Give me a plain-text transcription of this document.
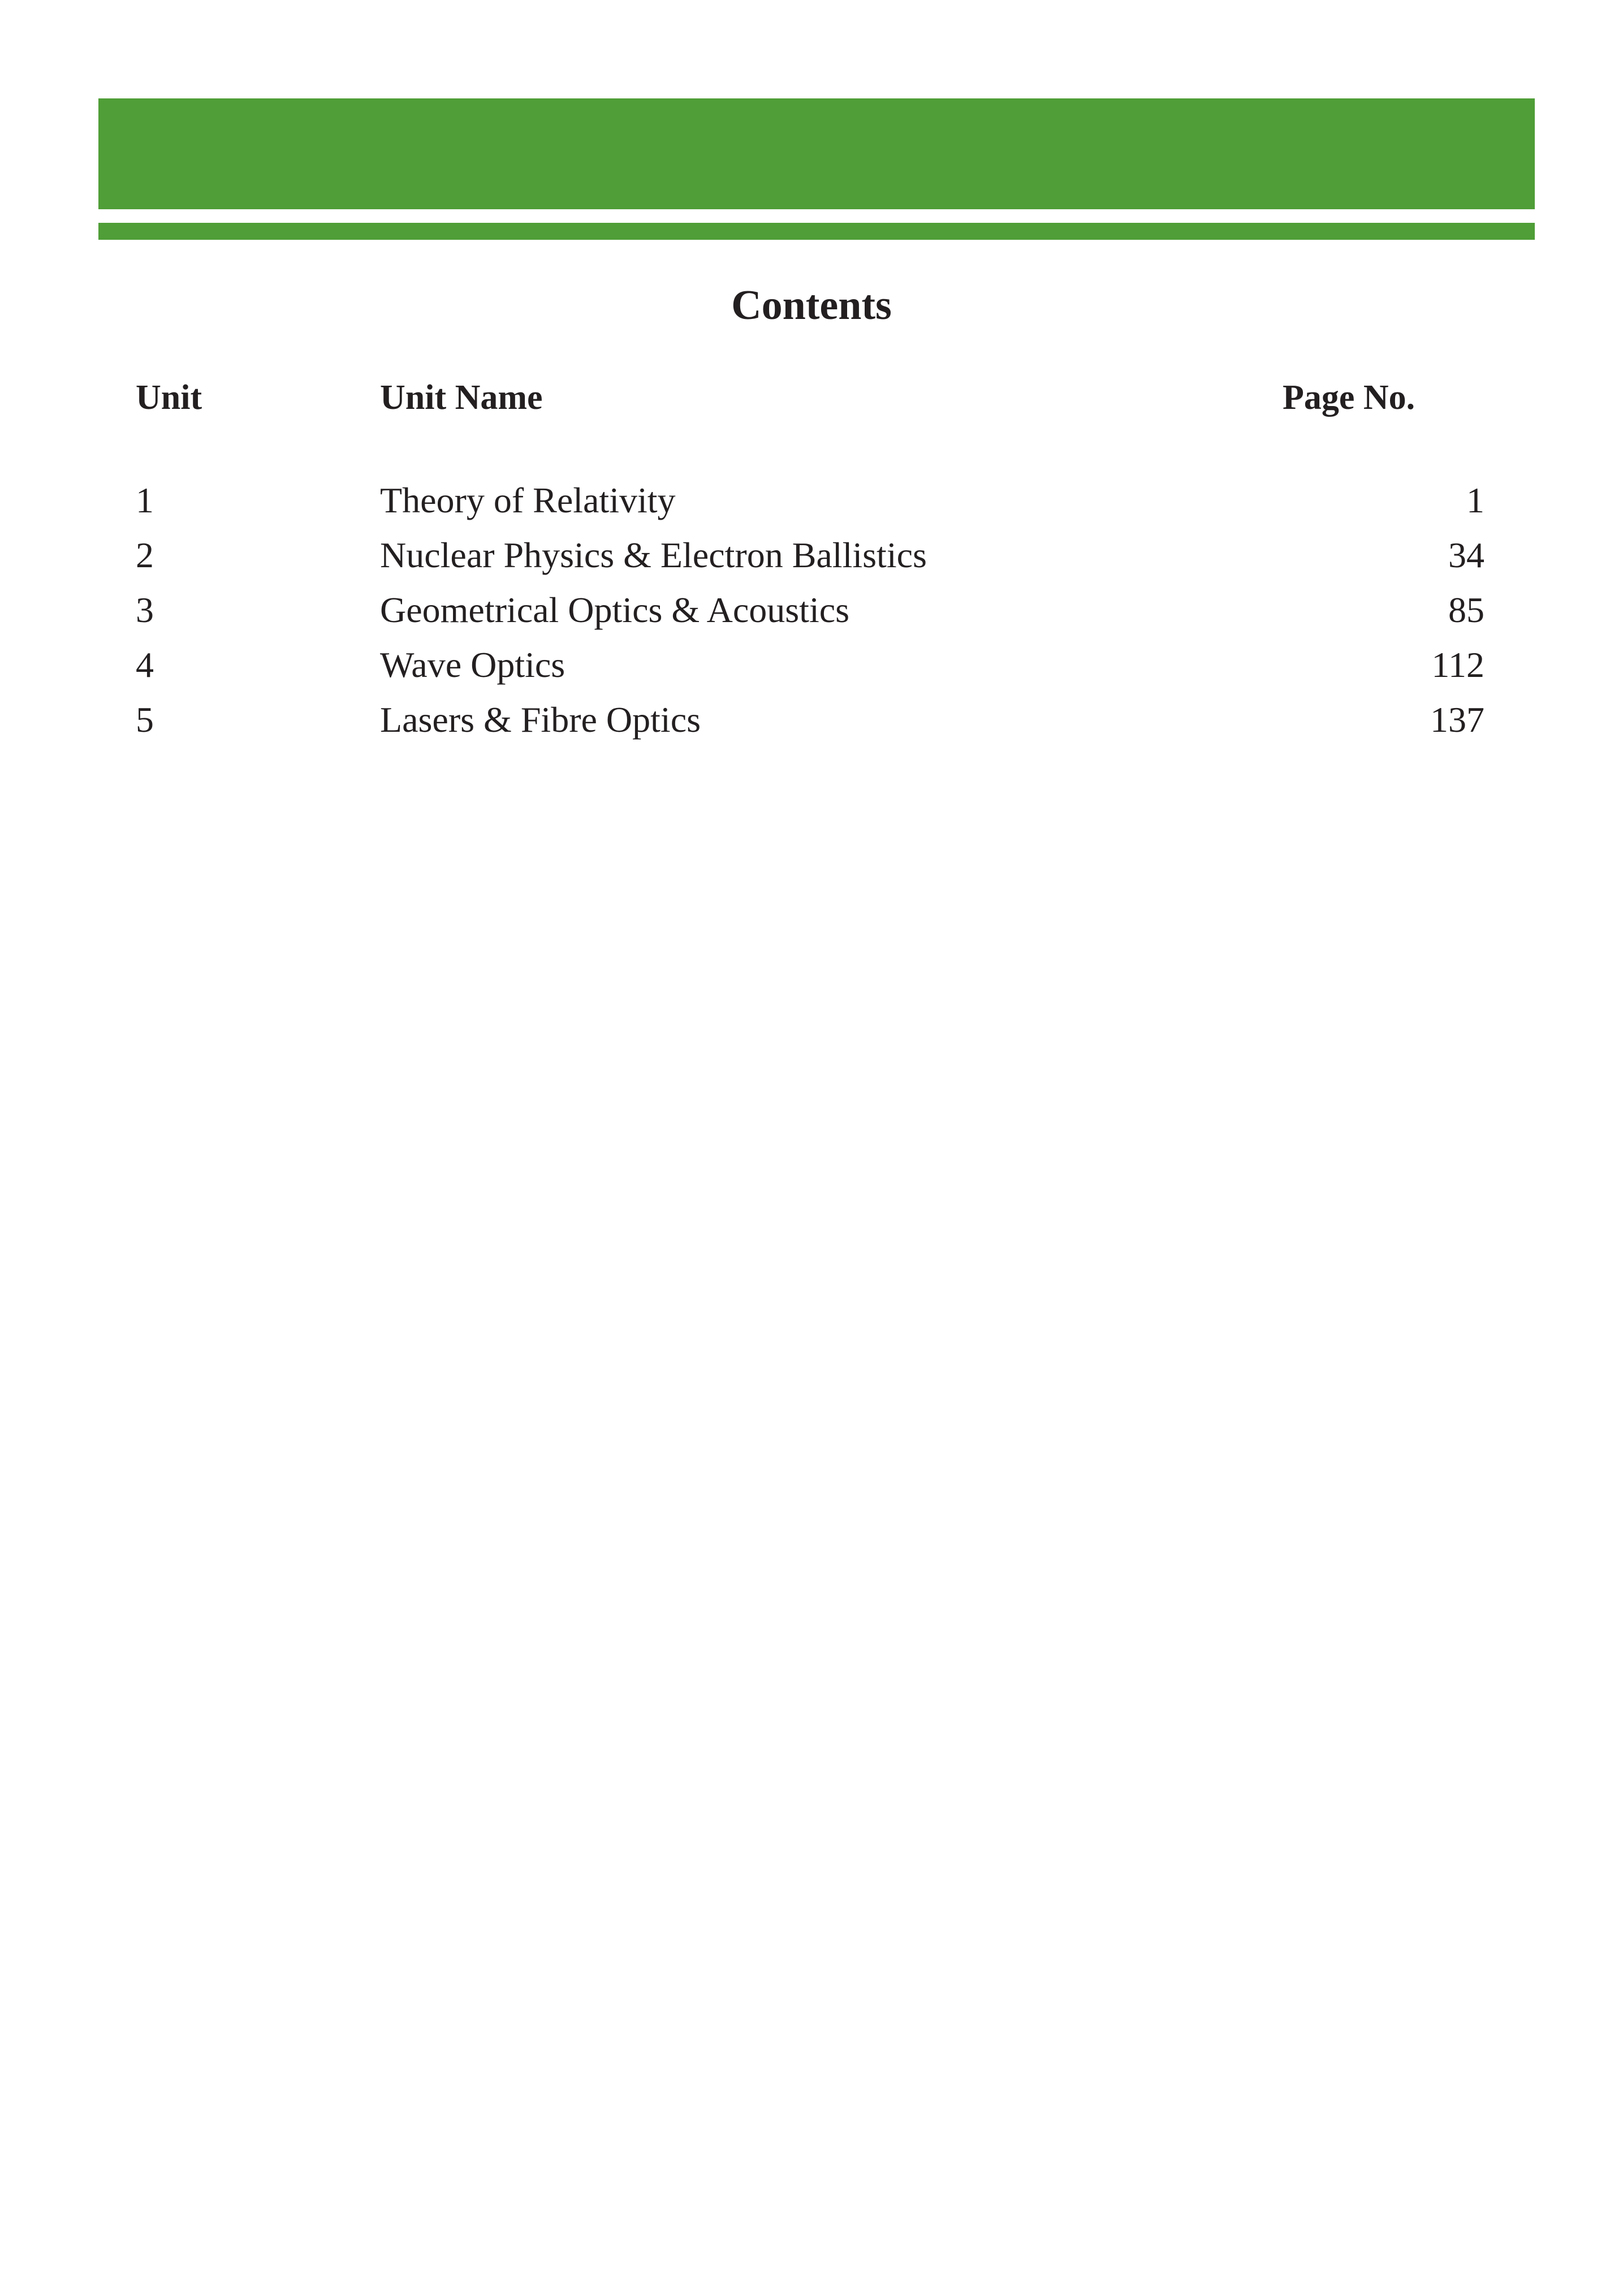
Contents
Unit	Unit Name	Page No.
1	Theory of Relativity	1
2	Nuclear Physics & Electron Ballistics	34
3	Geometrical Optics & Acoustics	85
4	Wave Optics	112
5	Lasers & Fibre Optics	137
